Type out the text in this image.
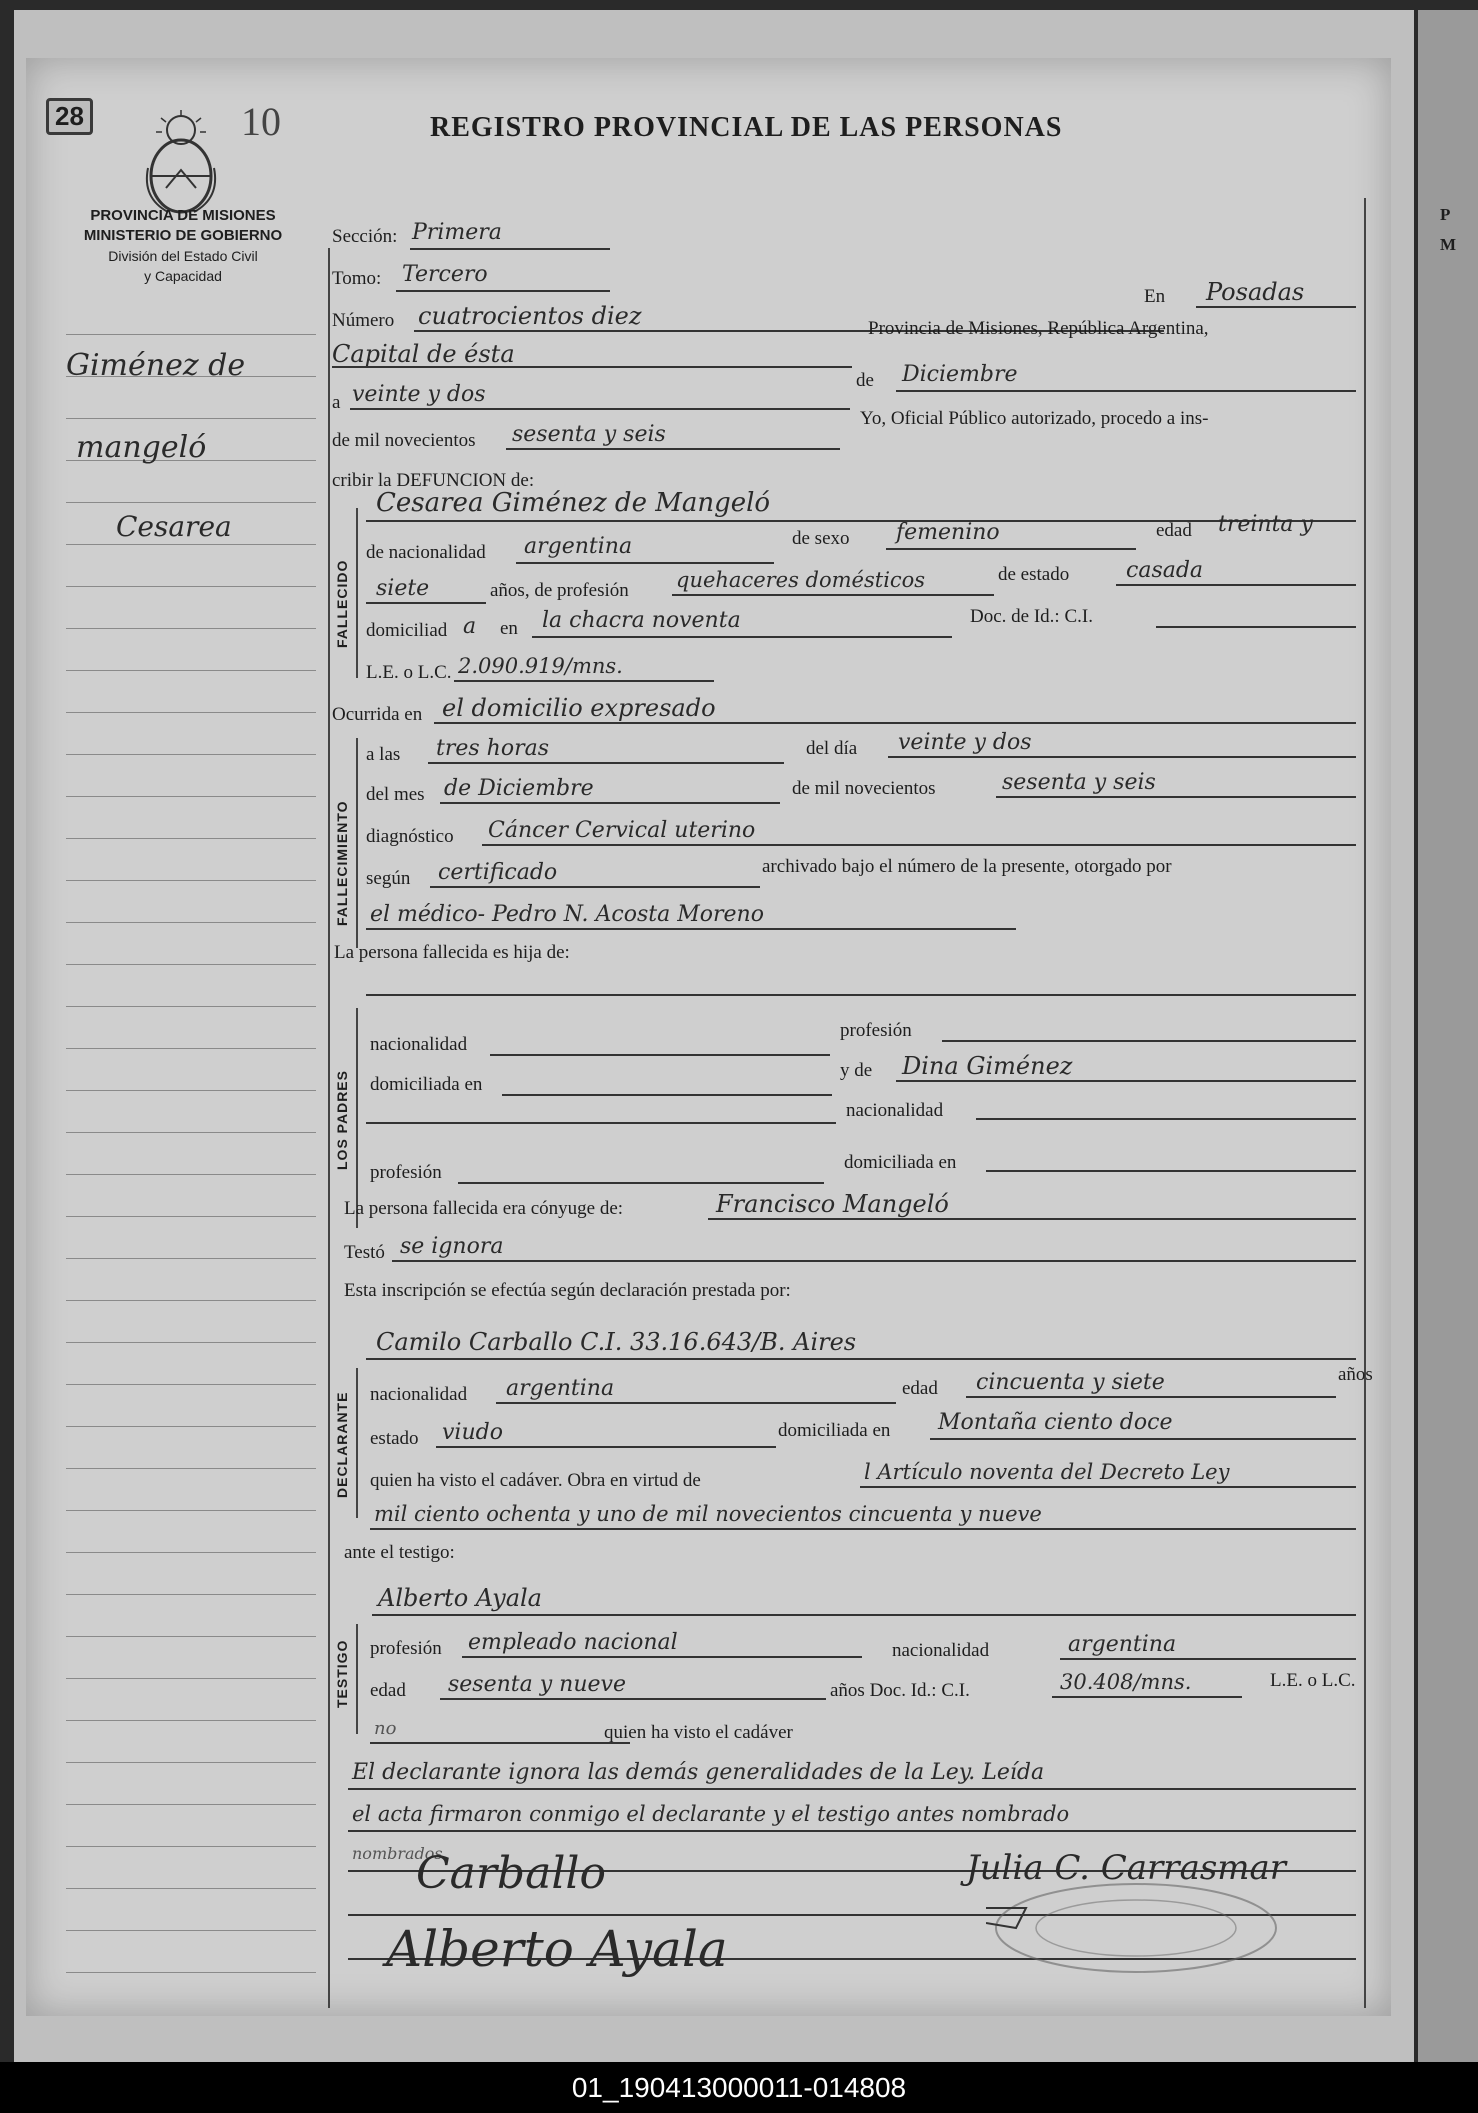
P
M
28	10
PROVINCIA DE MISIONES
MINISTERIO DE GOBIERNO
División del Estado Civil
y Capacidad
REGISTRO PROVINCIAL DE LAS PERSONAS
Giménez de
mangeló
Cesarea
Sección: Primera
Tomo: Tercero
Número cuatrocientos diez
En Posadas
Capital de ésta
Provincia de Misiones, República Argentina,
a veinte y dos
de Diciembre
de mil novecientos sesenta y seis
Yo, Oficial Público autorizado, procedo a ins-
cribir la DEFUNCION de:
FALLECIDO
Cesarea Giménez de Mangeló
de nacionalidad argentina	de sexo femenino	edad treinta y
siete	años, de profesión quehaceres domésticos	de estado	casada
domiciliad a en la chacra noventa	Doc. de Id.: C.I.
L.E. o L.C. 2.090.919/mns.
Ocurrida en el domicilio expresado
FALLECIMIENTO
a las tres horas	del día veinte y dos
del mes de Diciembre	de mil novecientos	sesenta y seis
diagnóstico Cáncer Cervical uterino
según certificado	archivado bajo el número de la presente, otorgado por
el médico- Pedro N. Acosta Moreno
La persona fallecida es hija de:
LOS PADRES
nacionalidad
profesión
domiciliada en
y de Dina Giménez
nacionalidad
profesión	domiciliada en
La persona fallecida era cónyuge de:	Francisco Mangeló
Testó se ignora
Esta inscripción se efectúa según declaración prestada por:
Camilo Carballo C.I. 33.16.643/B. Aires
DECLARANTE nacionalidad argentina	edad cincuenta y siete	años
estado viudo	domiciliada en Montaña ciento doce
quien ha visto el cadáver. Obra en virtud de	l Artículo noventa del Decreto Ley
mil ciento ochenta y uno de mil novecientos cincuenta y nueve
ante el testigo:
Alberto Ayala
TESTIGO profesión empleado nacional	nacionalidad	argentina
edad sesenta y nueve	años Doc. Id.: C.I.	30.408/mns.	L.E. o L.C.
no	quien ha visto el cadáver
El declarante ignora las demás generalidades de la Ley. Leída
el acta firmaron conmigo el declarante y el testigo antes nombrado
nombrados
Carballo
Alberto Ayala
Julia C. Carrasmar
01_190413000011-014808
